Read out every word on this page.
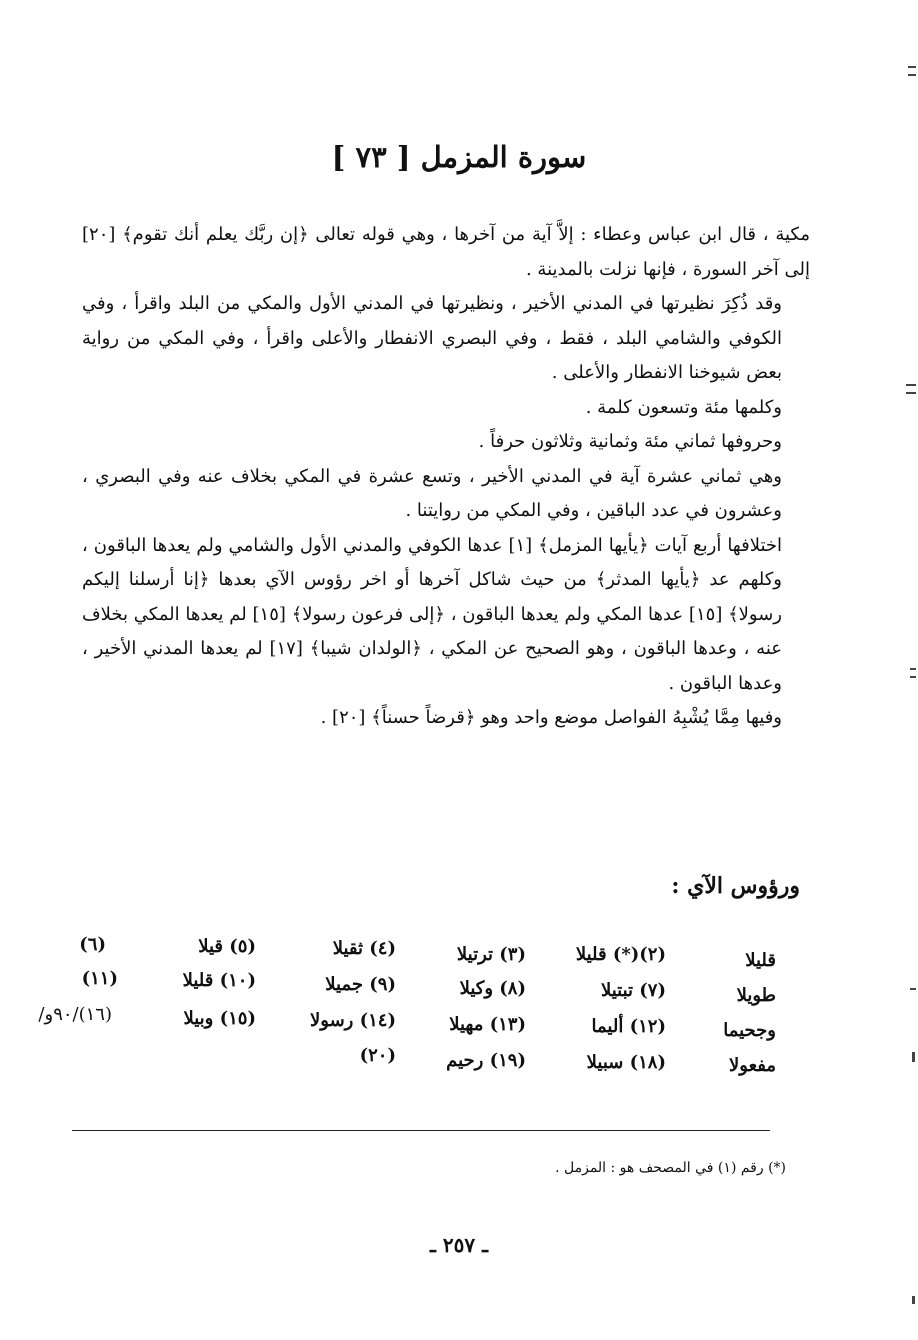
سورة المزمل [ ٧٣ ]

مكية ، قال ابن عباس وعطاء : إلاَّ آية من آخرها ، وهي قوله تعالى ﴿إن ربَّك يعلم أنك تقوم﴾ [٢٠] إلى آخر السورة ، فإنها نزلت بالمدينة .

وقد ذُكِرَ نظيرتها في المدني الأخير ، ونظيرتها في المدني الأول والمكي من البلد واقرأ ، وفي الكوفي والشامي البلد ، فقط ، وفي البصري الانفطار والأعلى واقرأ ، وفي المكي من رواية بعض شيوخنا الانفطار والأعلى .

وكلمها مئة وتسعون كلمة .

وحروفها ثماني مئة وثمانية وثلاثون حرفاً .

وهي ثماني عشرة آية في المدني الأخير ، وتسع عشرة في المكي بخلاف عنه وفي البصري ، وعشرون في عدد الباقين ، وفي المكي من روايتنا .

اختلافها أربع آيات ﴿يأيها المزمل﴾ [١] عدها الكوفي والمدني الأول والشامي ولم يعدها الباقون ، وكلهم عد ﴿يأيها المدثر﴾ من حيث شاكل آخرها أو اخر رؤوس الآي بعدها ﴿إنا أرسلنا إليكم رسولا﴾ [١٥] عدها المكي ولم يعدها الباقون ، ﴿إلى فرعون رسولا﴾ [١٥] لم يعدها المكي بخلاف عنه ، وعدها الباقون ، وهو الصحيح عن المكي ، ﴿الولدان شيبا﴾ [١٧] لم يعدها المدني الأخير ، وعدها الباقون .

وفيها مِمَّا يُشْبِهُ الفواصل موضع واحد وهو ﴿قرضاً حسناً﴾ [٢٠] .

ورؤوس الآي :
قليلا
(٢)(*) قليلا
(٣) ترتيلا
(٤) ثقيلا
(٥) قيلا
(٦)
طويلا
(٧) تبتيلا
(٨) وكيلا
(٩) جميلا
(١٠) قليلا
(١١)
وجحيما
(١٢) أليما
(١٣) مهيلا
(١٤) رسولا
(١٥) وبيلا
(١٦)/٩٠و/
مفعولا
(١٨) سبيلا
(١٩) رحيم
(٢٠)
(*) رقم (١) في المصحف هو : المزمل .
ـ ٢٥٧ ـ
